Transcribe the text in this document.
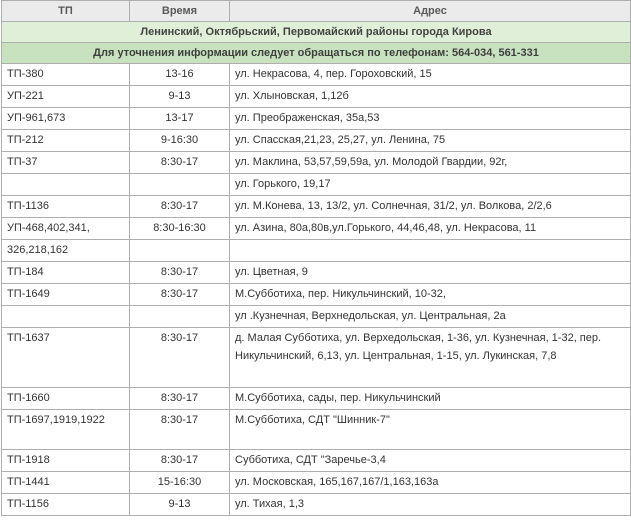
ТП	Время	Адрес
Ленинский, Октябрьский, Первомайский районы города Кирова		
Для уточнения информации следует обращаться по телефонам: 564-034, 561-331		
ТП-380	13-16	ул. Некрасова, 4, пер. Гороховский, 15
УП-221	9-13	ул. Хлыновская, 1,12б
УП-961,673	13-17	ул. Преображенская, 35а,53
ТП-212	9-16:30	ул. Спасская,21,23, 25,27, ул. Ленина, 75
ТП-37	8:30-17	ул. Маклина, 53,57,59,59а, ул. Молодой Гвардии, 92г,
		ул. Горького, 19,17
ТП-1136	8:30-17	ул. М.Конева, 13, 13/2, ул. Солнечная, 31/2, ул. Волкова, 2/2,6
УП-468,402,341,	8:30-16:30	ул. Азина, 80а,80в,ул.Горького, 44,46,48, ул. Некрасова, 11
326,218,162		
ТП-184	8:30-17	ул. Цветная, 9
ТП-1649	8:30-17	М.Субботиха, пер. Никульчинский, 10-32,
		ул .Кузнечная, Верхнедольская, ул. Центральная, 2а
ТП-1637	8:30-17	д. Малая Субботиха, ул. Верхедольская, 1-36, ул. Кузнечная, 1-32, пер. Никульчинский, 6,13, ул. Центральная, 1-15, ул. Лукинская, 7,8
ТП-1660	8:30-17	М.Субботиха, сады, пер. Никульчинский
ТП-1697,1919,1922	8:30-17	М.Субботиха, СДТ "Шинник-7"
ТП-1918	8:30-17	Субботиха, СДТ "Заречье-3,4
ТП-1441	15-16:30	ул. Московская, 165,167,167/1,163,163а
ТП-1156	9-13	ул. Тихая, 1,3
